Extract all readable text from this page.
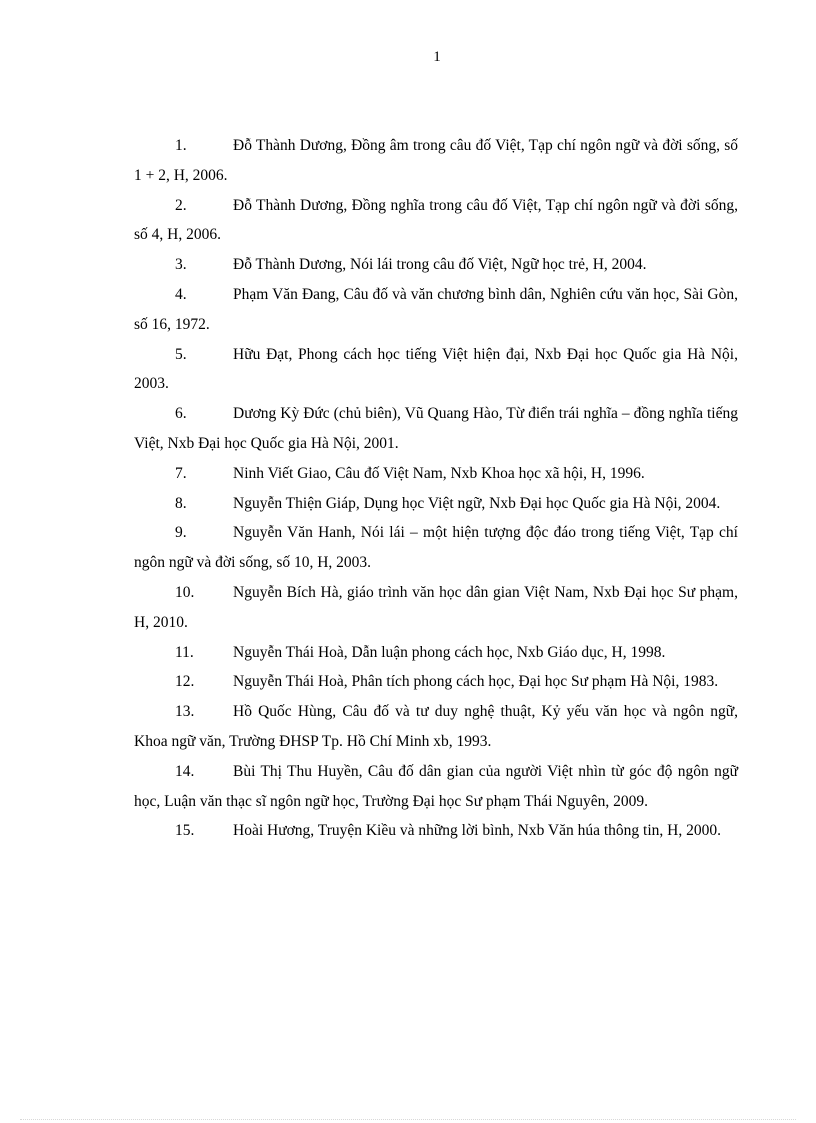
1
1.	Đỗ Thành Dương, Đồng âm trong câu đố Việt, Tạp chí ngôn ngữ và đời sống, số 1 + 2, H, 2006.
2.	Đỗ Thành Dương, Đồng nghĩa trong câu đố Việt, Tạp chí ngôn ngữ và đời sống, số 4, H, 2006.
3.	Đỗ Thành Dương, Nói lái trong câu đố Việt, Ngữ học trẻ, H, 2004.
4.	Phạm Văn Đang, Câu đố và văn chương bình dân, Nghiên cứu văn học, Sài Gòn, số 16, 1972.
5.	Hữu Đạt, Phong cách học tiếng Việt hiện đại, Nxb Đại học Quốc gia Hà Nội, 2003.
6.	Dương Kỳ Đức (chủ biên), Vũ Quang Hào, Từ điển trái nghĩa – đồng nghĩa tiếng Việt, Nxb Đại học Quốc gia Hà Nội, 2001.
7.	Ninh Viết Giao, Câu đố Việt Nam, Nxb Khoa học xã hội, H, 1996.
8.	Nguyễn Thiện Giáp, Dụng học Việt ngữ, Nxb Đại học Quốc gia Hà Nội, 2004.
9.	Nguyễn Văn Hanh, Nói lái – một hiện tượng độc đáo trong tiếng Việt, Tạp chí ngôn ngữ và đời sống, số 10, H, 2003.
10. Nguyễn Bích Hà, giáo trình văn học dân gian Việt Nam, Nxb Đại học Sư phạm, H, 2010.
11.	Nguyễn Thái Hoà, Dẫn luận phong cách học, Nxb Giáo dục, H, 1998.
12. Nguyễn Thái Hoà, Phân tích phong cách học, Đại học Sư phạm Hà Nội, 1983.
13. Hồ Quốc Hùng, Câu đố và tư duy nghệ thuật, Kỷ yếu văn học và ngôn ngữ, Khoa ngữ văn, Trường ĐHSP Tp. Hồ Chí Minh xb, 1993.
14. Bùi Thị Thu Huyền, Câu đố dân gian của người Việt nhìn từ góc độ ngôn ngữ học, Luận văn thạc sĩ ngôn ngữ học, Trường Đại học Sư phạm Thái Nguyên, 2009.
15. Hoài Hương, Truyện Kiều và những lời bình, Nxb Văn húa thông tin, H, 2000.
